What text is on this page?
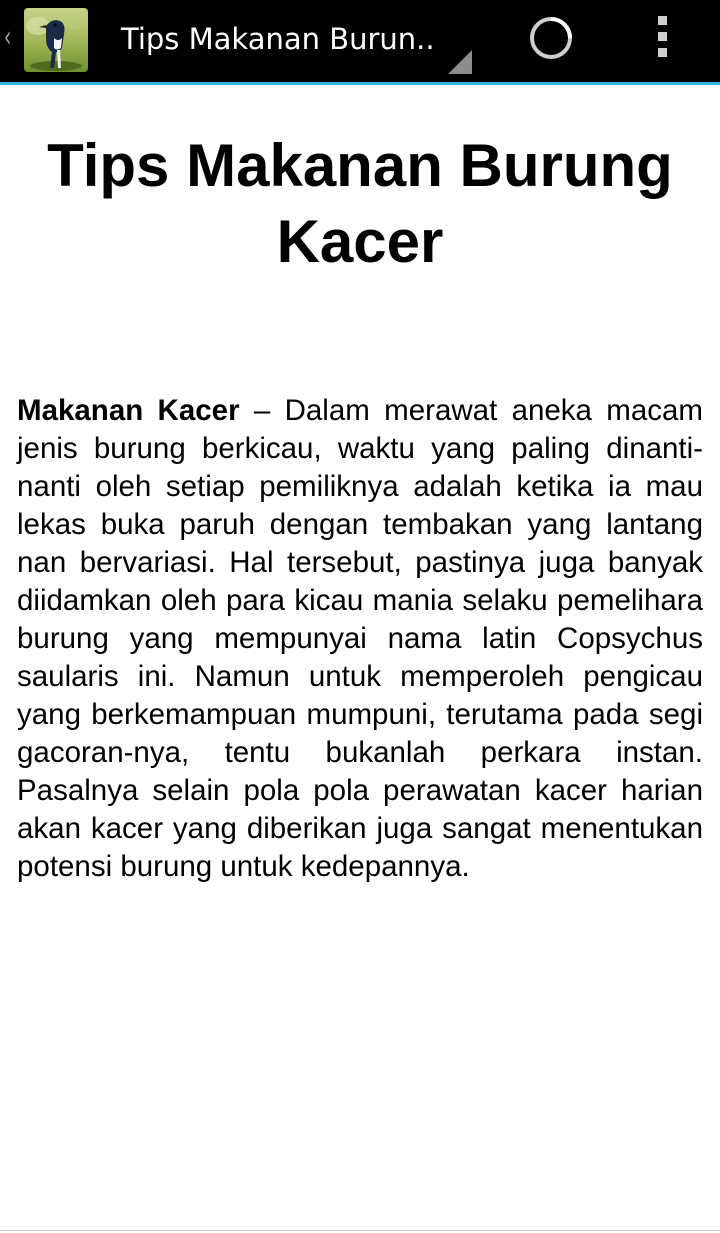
‹	Tips Makanan Burun..
Tips Makanan Burung Kacer

Makanan Kacer – Dalam merawat aneka macam jenis burung berkicau, waktu yang paling dinanti-nanti oleh setiap pemiliknya adalah ketika ia mau lekas buka paruh dengan tembakan yang lantang nan bervariasi. Hal tersebut, pastinya juga banyak diidamkan oleh para kicau mania selaku pemelihara burung yang mempunyai nama latin Copsychus saularis ini. Namun untuk memperoleh pengicau yang berkemampuan mumpuni, terutama pada segi gacoran-nya, tentu bukanlah perkara instan. Pasalnya selain pola pola perawatan kacer harian akan kacer yang diberikan juga sangat menentukan potensi burung untuk kedepannya.
